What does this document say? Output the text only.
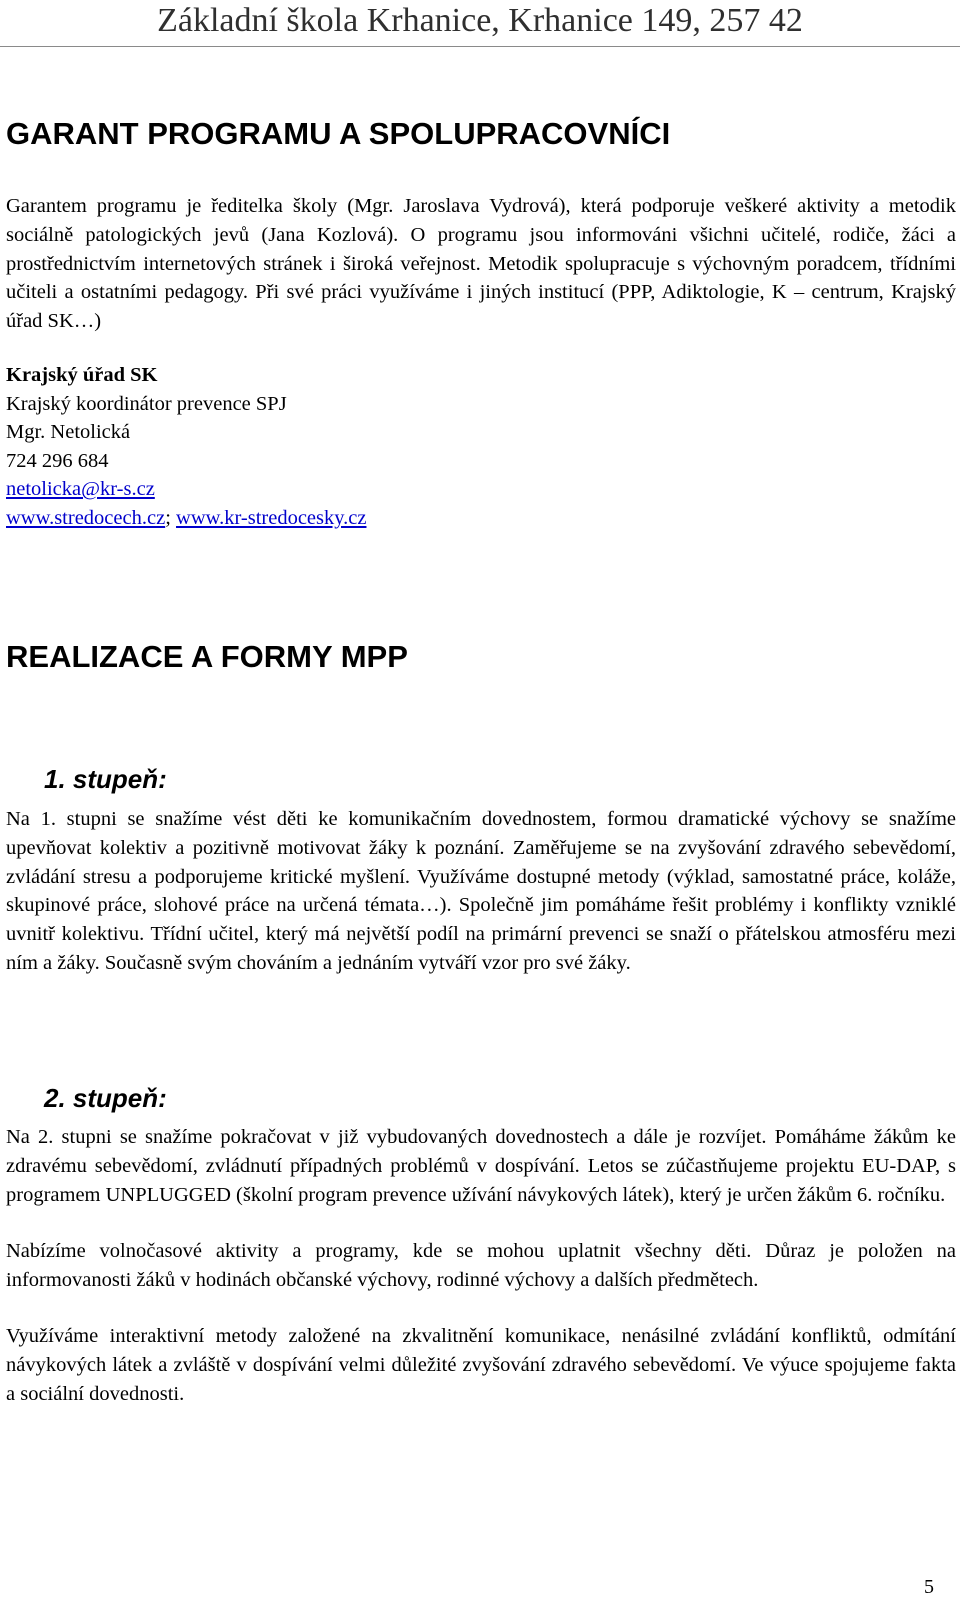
Základní škola Krhanice, Krhanice 149, 257 42
GARANT PROGRAMU A SPOLUPRACOVNÍCI

Garantem programu je ředitelka školy (Mgr. Jaroslava Vydrová), která podporuje veškeré aktivity a metodik sociálně patologických jevů (Jana Kozlová). O programu jsou informováni všichni učitelé, rodiče, žáci a prostřednictvím internetových stránek i široká veřejnost. Metodik spolupracuje s výchovným poradcem, třídními učiteli a ostatními pedagogy. Při své práci využíváme i jiných institucí (PPP, Adiktologie, K – centrum, Krajský úřad SK…)

Krajský úřad SK
Krajský koordinátor prevence SPJ
Mgr. Netolická
724 296 684
netolicka@kr-s.cz
www.stredocech.cz; www.kr-stredocesky.cz
REALIZACE A FORMY MPP
1. stupeň:

Na 1. stupni se snažíme vést děti ke komunikačním dovednostem, formou dramatické výchovy se snažíme upevňovat kolektiv a pozitivně motivovat žáky k poznání. Zaměřujeme se na zvyšování zdravého sebevědomí, zvládání stresu a podporujeme kritické myšlení. Využíváme dostupné metody (výklad, samostatné práce, koláže, skupinové práce, slohové práce na určená témata…). Společně jim pomáháme řešit problémy i konflikty vzniklé uvnitř kolektivu. Třídní učitel, který má největší podíl na primární prevenci se snaží o přátelskou atmosféru mezi ním a žáky. Současně svým chováním a jednáním vytváří vzor pro své žáky.

2. stupeň:

Na 2. stupni se snažíme pokračovat v již vybudovaných dovednostech a dále je rozvíjet. Pomáháme žákům ke zdravému sebevědomí, zvládnutí případných problémů v dospívání. Letos se zúčastňujeme projektu EU-DAP, s programem UNPLUGGED (školní program prevence užívání návykových látek), který je určen žákům 6. ročníku.

Nabízíme volnočasové aktivity a programy, kde se mohou uplatnit všechny děti. Důraz je položen na informovanosti žáků v hodinách občanské výchovy, rodinné výchovy a dalších předmětech.

Využíváme interaktivní metody založené na zkvalitnění komunikace, nenásilné zvládání konfliktů, odmítání návykových látek a zvláště v dospívání velmi důležité zvyšování zdravého sebevědomí. Ve výuce spojujeme fakta a sociální dovednosti.

5
